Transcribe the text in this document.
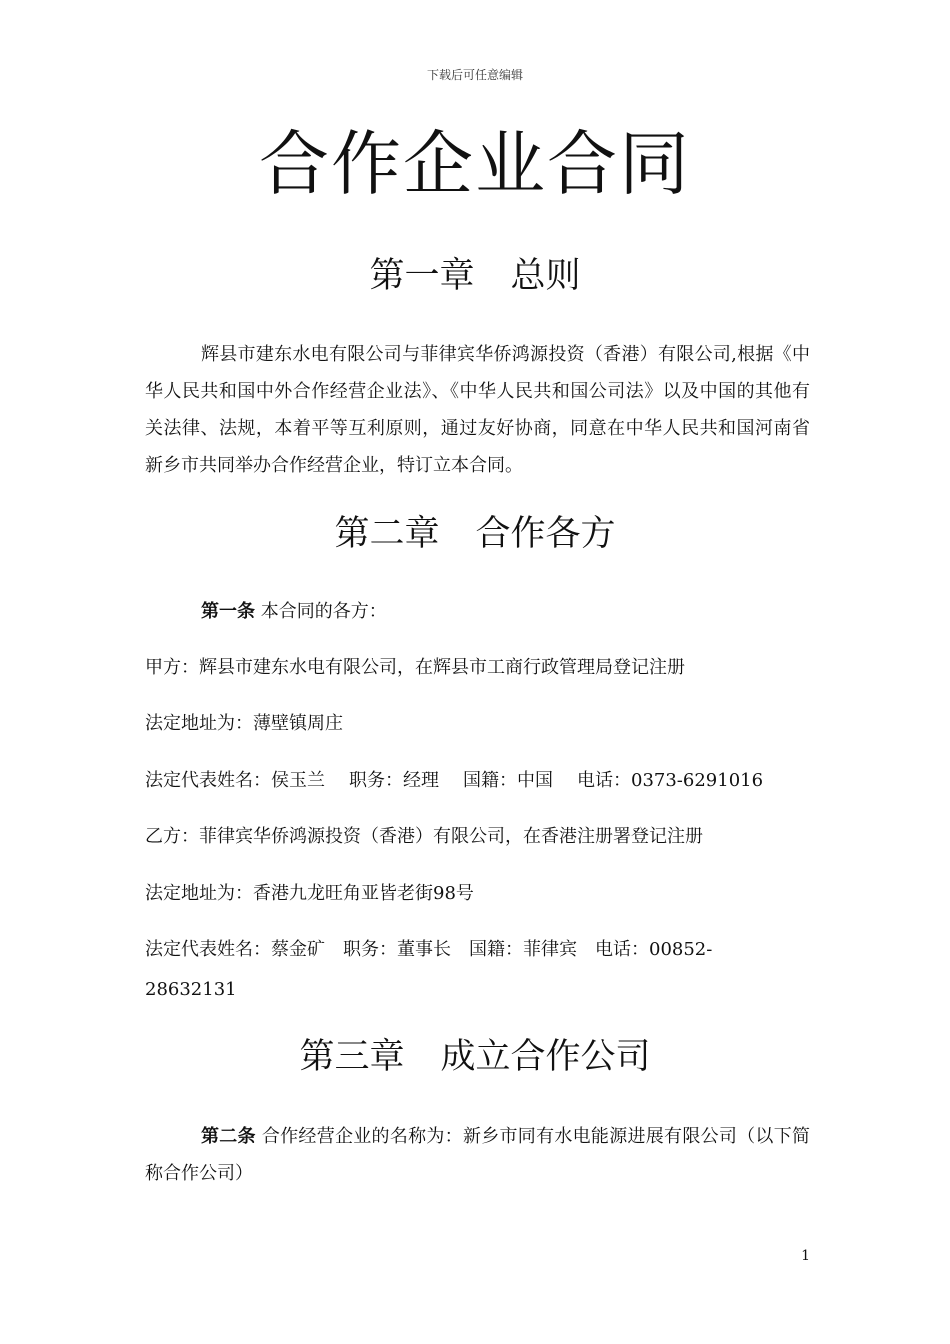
下载后可任意编辑
合作企业合同
第一章 总则
辉县市建东水电有限公司与菲律宾华侨鸿源投资（香港）有限公司,根据《中华人民共和国中外合作经营企业法》、《中华人民共和国公司法》以及中国的其他有关法律、法规，本着平等互利原则，通过友好协商，同意在中华人民共和国河南省新乡市共同举办合作经营企业，特订立本合同。
第二章 合作各方
第一条 本合同的各方：
甲方：辉县市建东水电有限公司，在辉县市工商行政管理局登记注册
法定地址为：薄壁镇周庄
法定代表姓名：侯玉兰 职务：经理 国籍：中国 电话：0373-6291016
乙方：菲律宾华侨鸿源投资（香港）有限公司，在香港注册署登记注册
法定地址为：香港九龙旺角亚皆老街98号
法定代表姓名：蔡金矿 职务：董事长 国籍：菲律宾 电话：00852-
28632131
第三章 成立合作公司
第二条 合作经营企业的名称为：新乡市同有水电能源进展有限公司（以下简称合作公司）
1
